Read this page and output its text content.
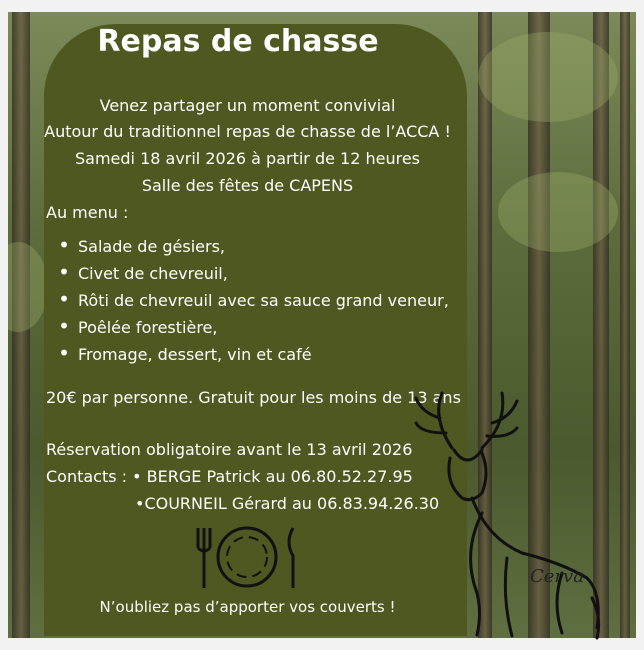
Repas de chasse
Venez partager un moment convivial
Autour du traditionnel repas de chasse de l’ACCA !
Samedi 18 avril 2026 à partir de 12 heures
Salle des fêtes de CAPENS
Au menu :
• Salade de gésiers,
• Civet de chevreuil,
• Rôti de chevreuil avec sa sauce grand veneur,
• Poêlée forestière,
• Fromage, dessert, vin et café
20€ par personne. Gratuit pour les moins de 13 ans
Réservation obligatoire avant le 13 avril 2026
Contacts : • BERGE Patrick au 06.80.52.27.95
•COURNEIL Gérard au 06.83.94.26.30
Cerva
N’oubliez pas d’apporter vos couverts !
